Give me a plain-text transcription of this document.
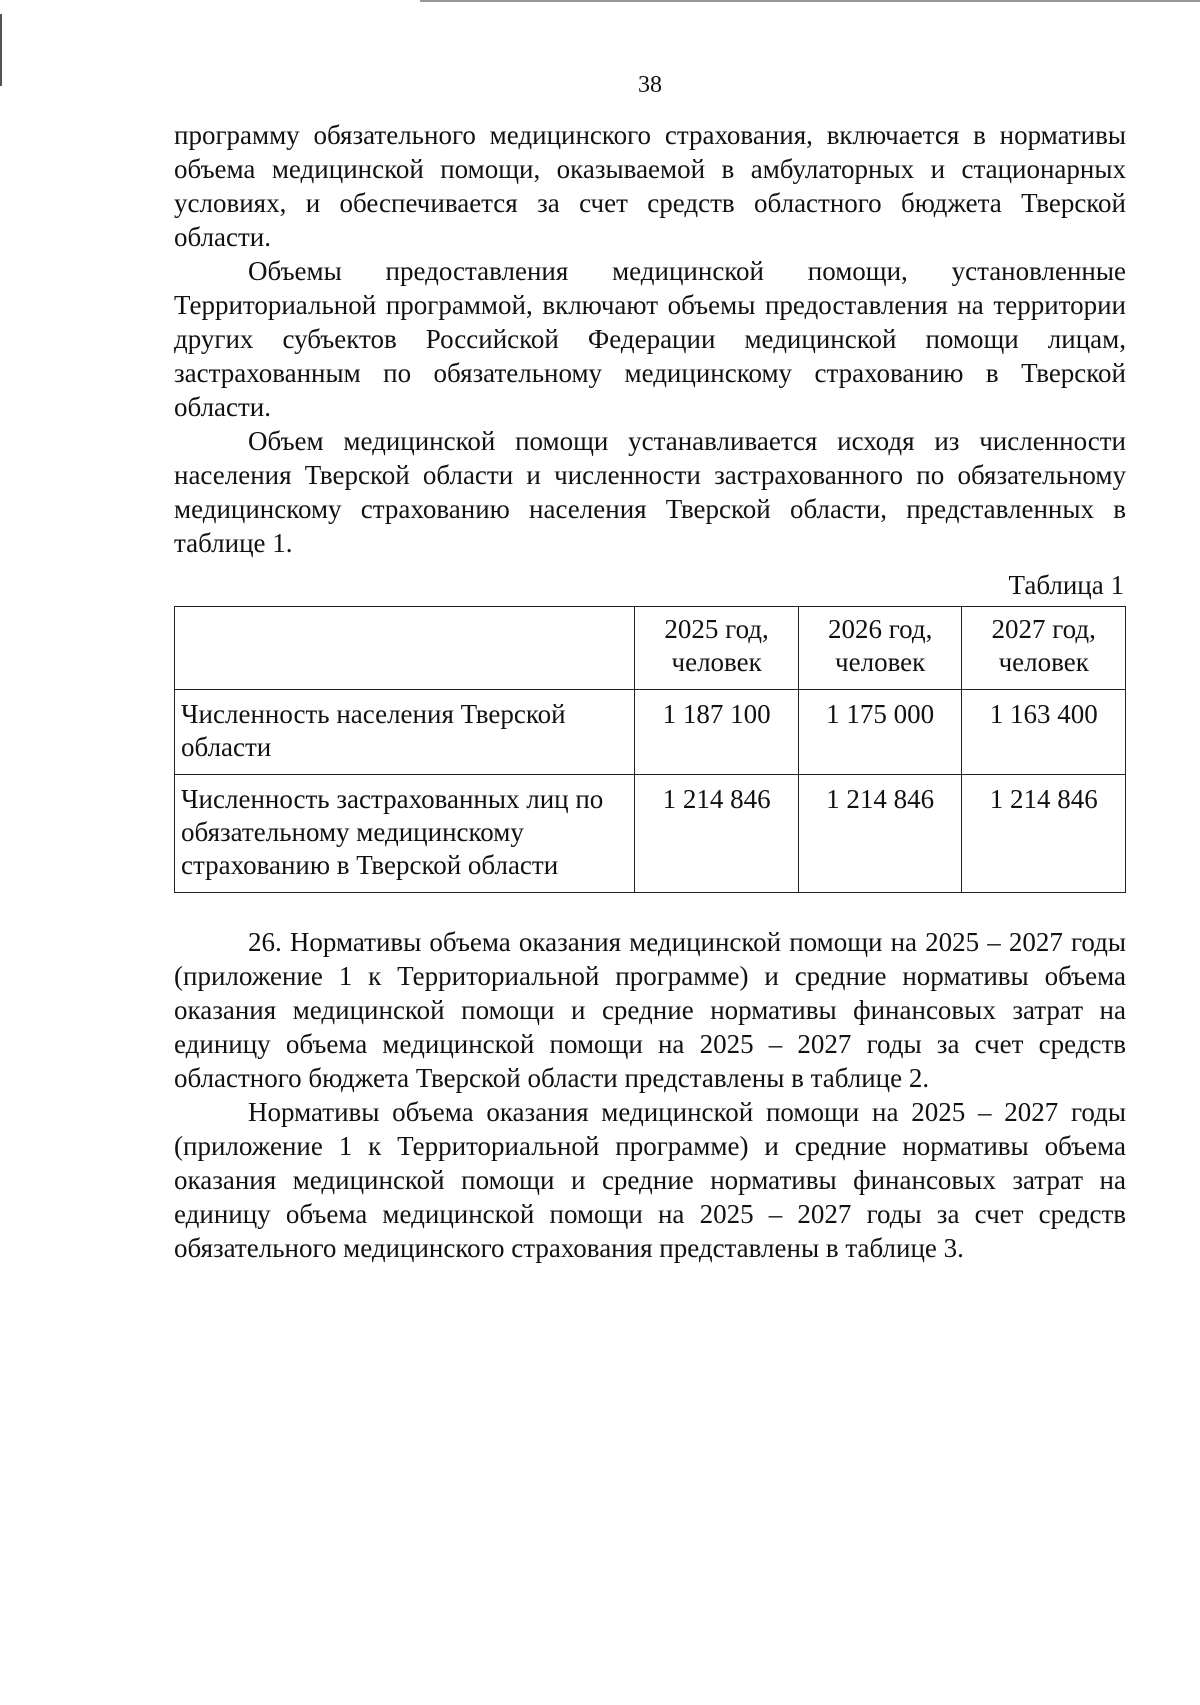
38

программу обязательного медицинского страхования, включается в нормативы объема медицинской помощи, оказываемой в амбулаторных и стационарных условиях, и обеспечивается за счет средств областного бюджета Тверской области.

Объемы предоставления медицинской помощи, установленные Территориальной программой, включают объемы предоставления на территории других субъектов Российской Федерации медицинской помощи лицам, застрахованным по обязательному медицинскому страхованию в Тверской области.

Объем медицинской помощи устанавливается исходя из численности населения Тверской области и численности застрахованного по обязательному медицинскому страхованию населения Тверской области, представленных в таблице 1.

Таблица 1
	2025 год, человек	2026 год, человек	2027 год, человек
Численность населения Тверской области	1 187 100	1 175 000	1 163 400
Численность застрахованных лиц по обязательному медицинскому страхованию в Тверской области	1 214 846	1 214 846	1 214 846

26. Нормативы объема оказания медицинской помощи на 2025 – 2027 годы (приложение 1 к Территориальной программе) и средние нормативы объема оказания медицинской помощи и средние нормативы финансовых затрат на единицу объема медицинской помощи на 2025 – 2027 годы за счет средств областного бюджета Тверской области представлены в таблице 2.

Нормативы объема оказания медицинской помощи на 2025 – 2027 годы (приложение 1 к Территориальной программе) и средние нормативы объема оказания медицинской помощи и средние нормативы финансовых затрат на единицу объема медицинской помощи на 2025 – 2027 годы за счет средств обязательного медицинского страхования представлены в таблице 3.
